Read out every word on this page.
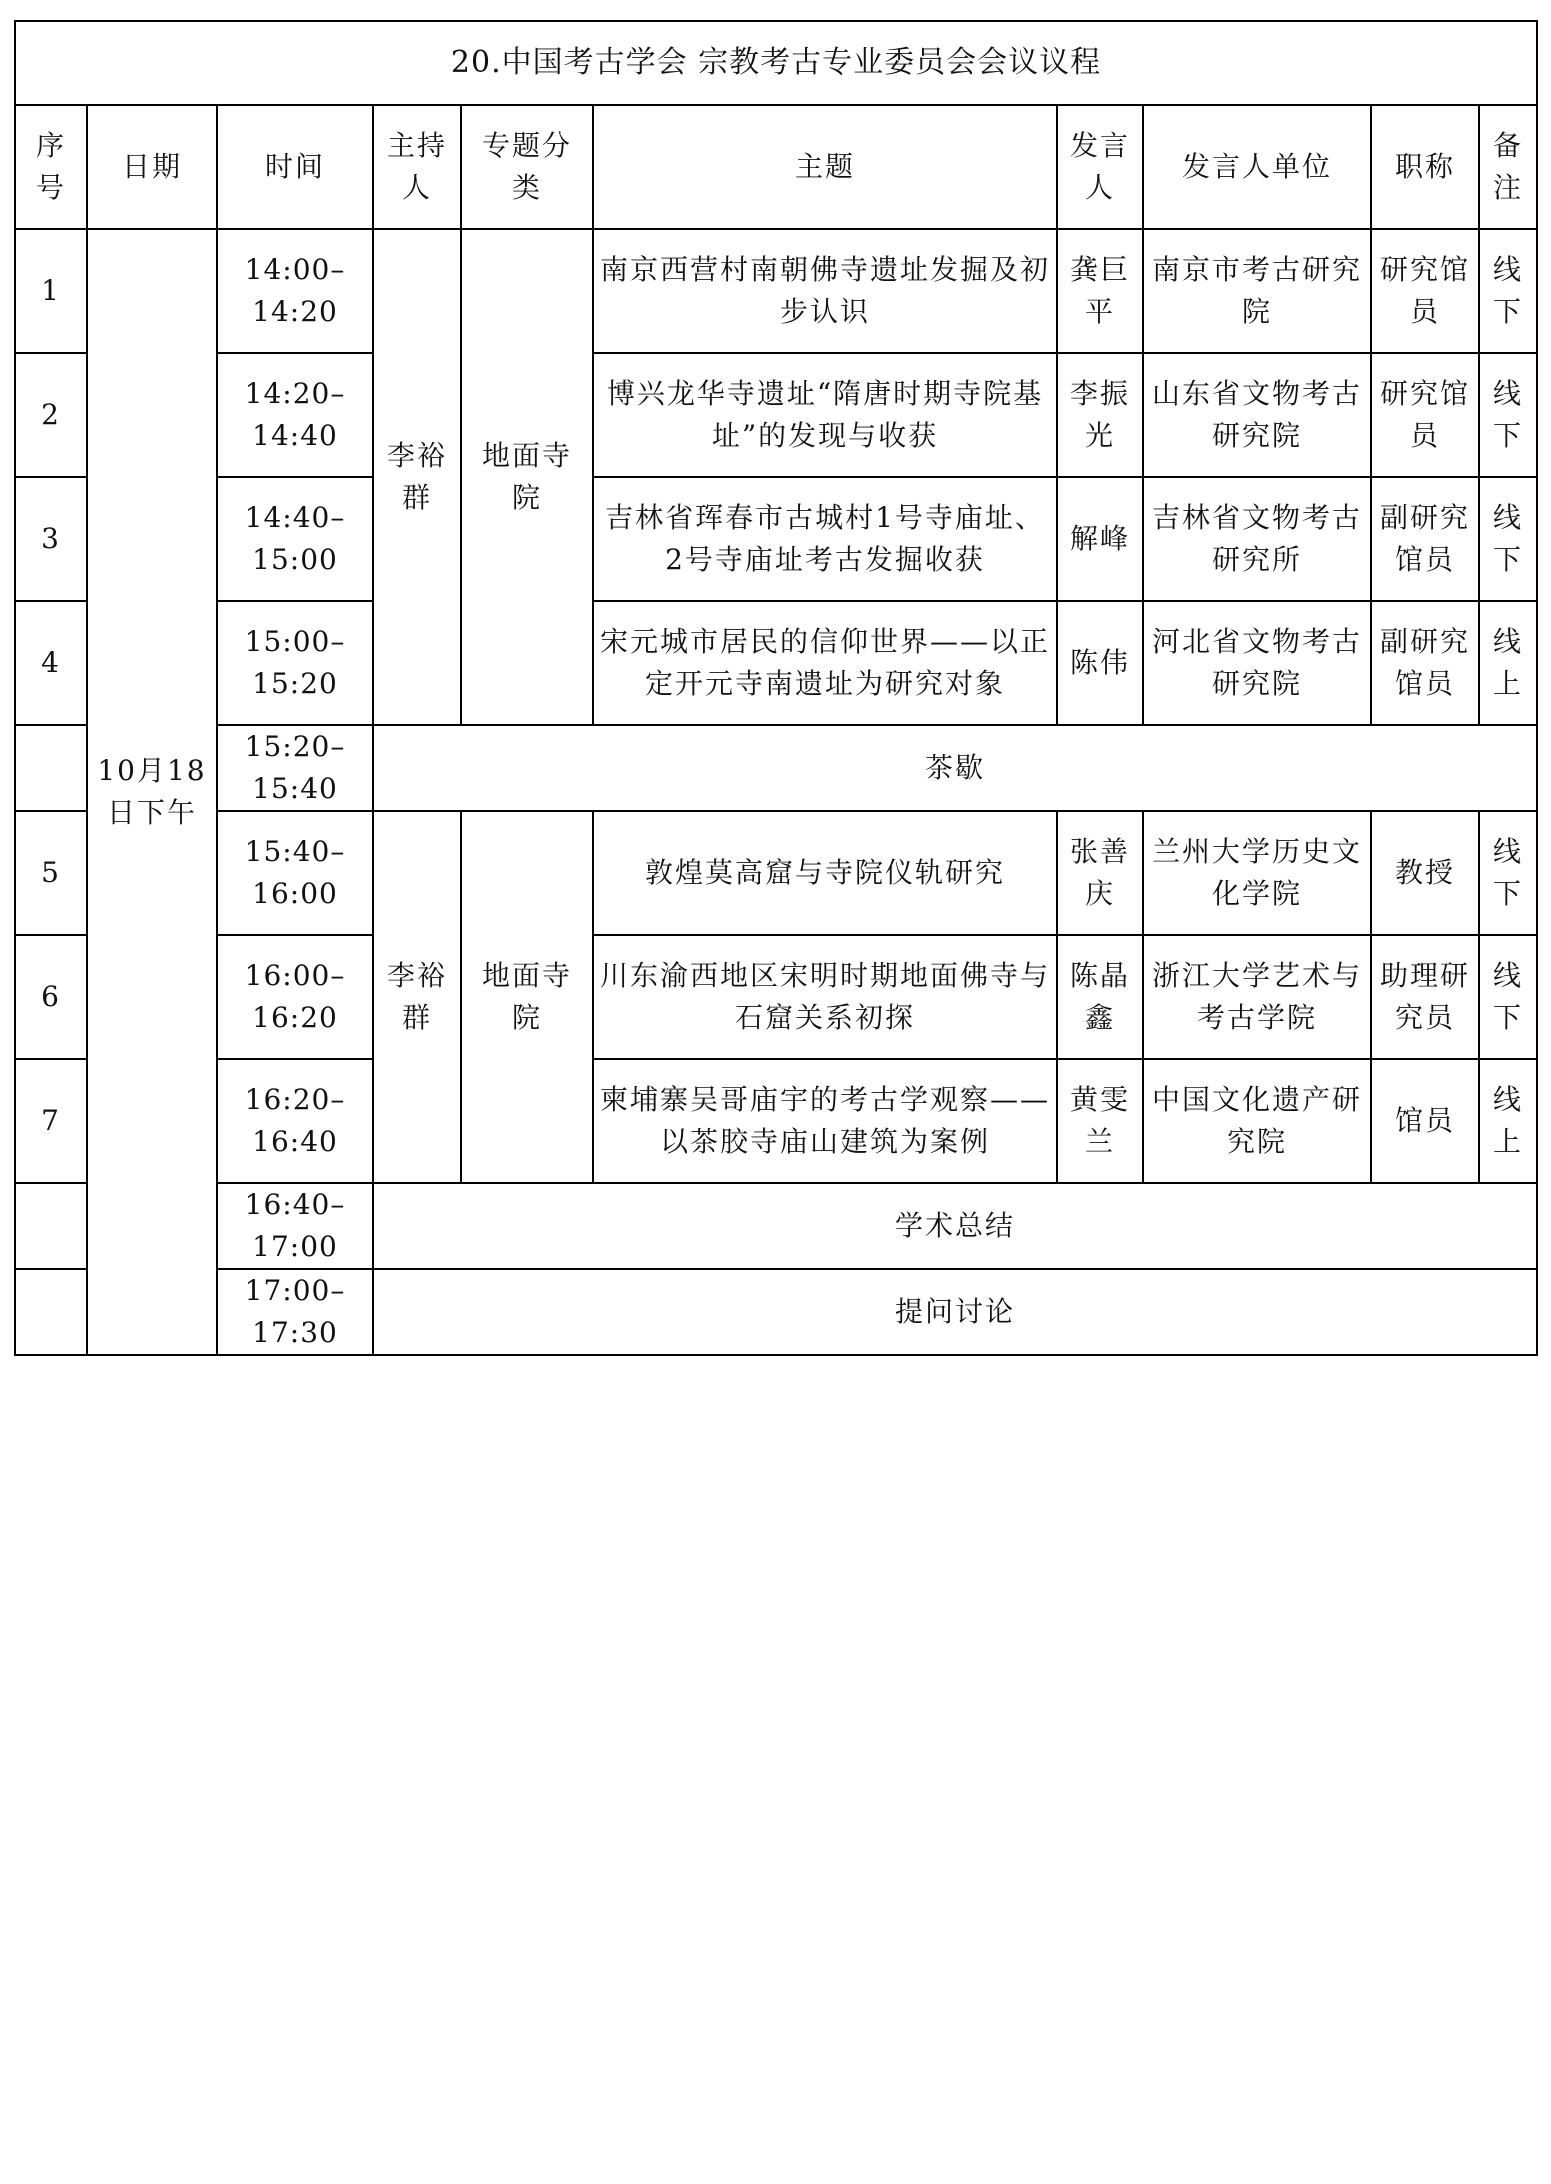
20.中国考古学会 宗教考古专业委员会会议议程									
序号	日期	时间	主持人	专题分类	主题	发言人	发言人单位	职称	备注
1	10月18日下午	14:00–14:20	李裕群	地面寺院	南京西营村南朝佛寺遗址发掘及初步认识	龚巨平	南京市考古研究院	研究馆员	线下
2		14:20–14:40			博兴龙华寺遗址“隋唐时期寺院基址”的发现与收获	李振光	山东省文物考古研究院	研究馆员	线下
3		14:40–15:00			吉林省珲春市古城村1号寺庙址、2号寺庙址考古发掘收获	解峰	吉林省文物考古研究所	副研究馆员	线下
4		15:00–15:20			宋元城市居民的信仰世界——以正定开元寺南遗址为研究对象	陈伟	河北省文物考古研究院	副研究馆员	线上
		15:20–15:40	茶歇						
5		15:40–16:00	李裕群	地面寺院	敦煌莫高窟与寺院仪轨研究	张善庆	兰州大学历史文化学院	教授	线下
6		16:00–16:20			川东渝西地区宋明时期地面佛寺与石窟关系初探	陈晶鑫	浙江大学艺术与考古学院	助理研究员	线下
7		16:20–16:40			柬埔寨吴哥庙宇的考古学观察——以茶胶寺庙山建筑为案例	黄雯兰	中国文化遗产研究院	馆员	线上
		16:40–17:00	学术总结						
		17:00–17:30	提问讨论						
